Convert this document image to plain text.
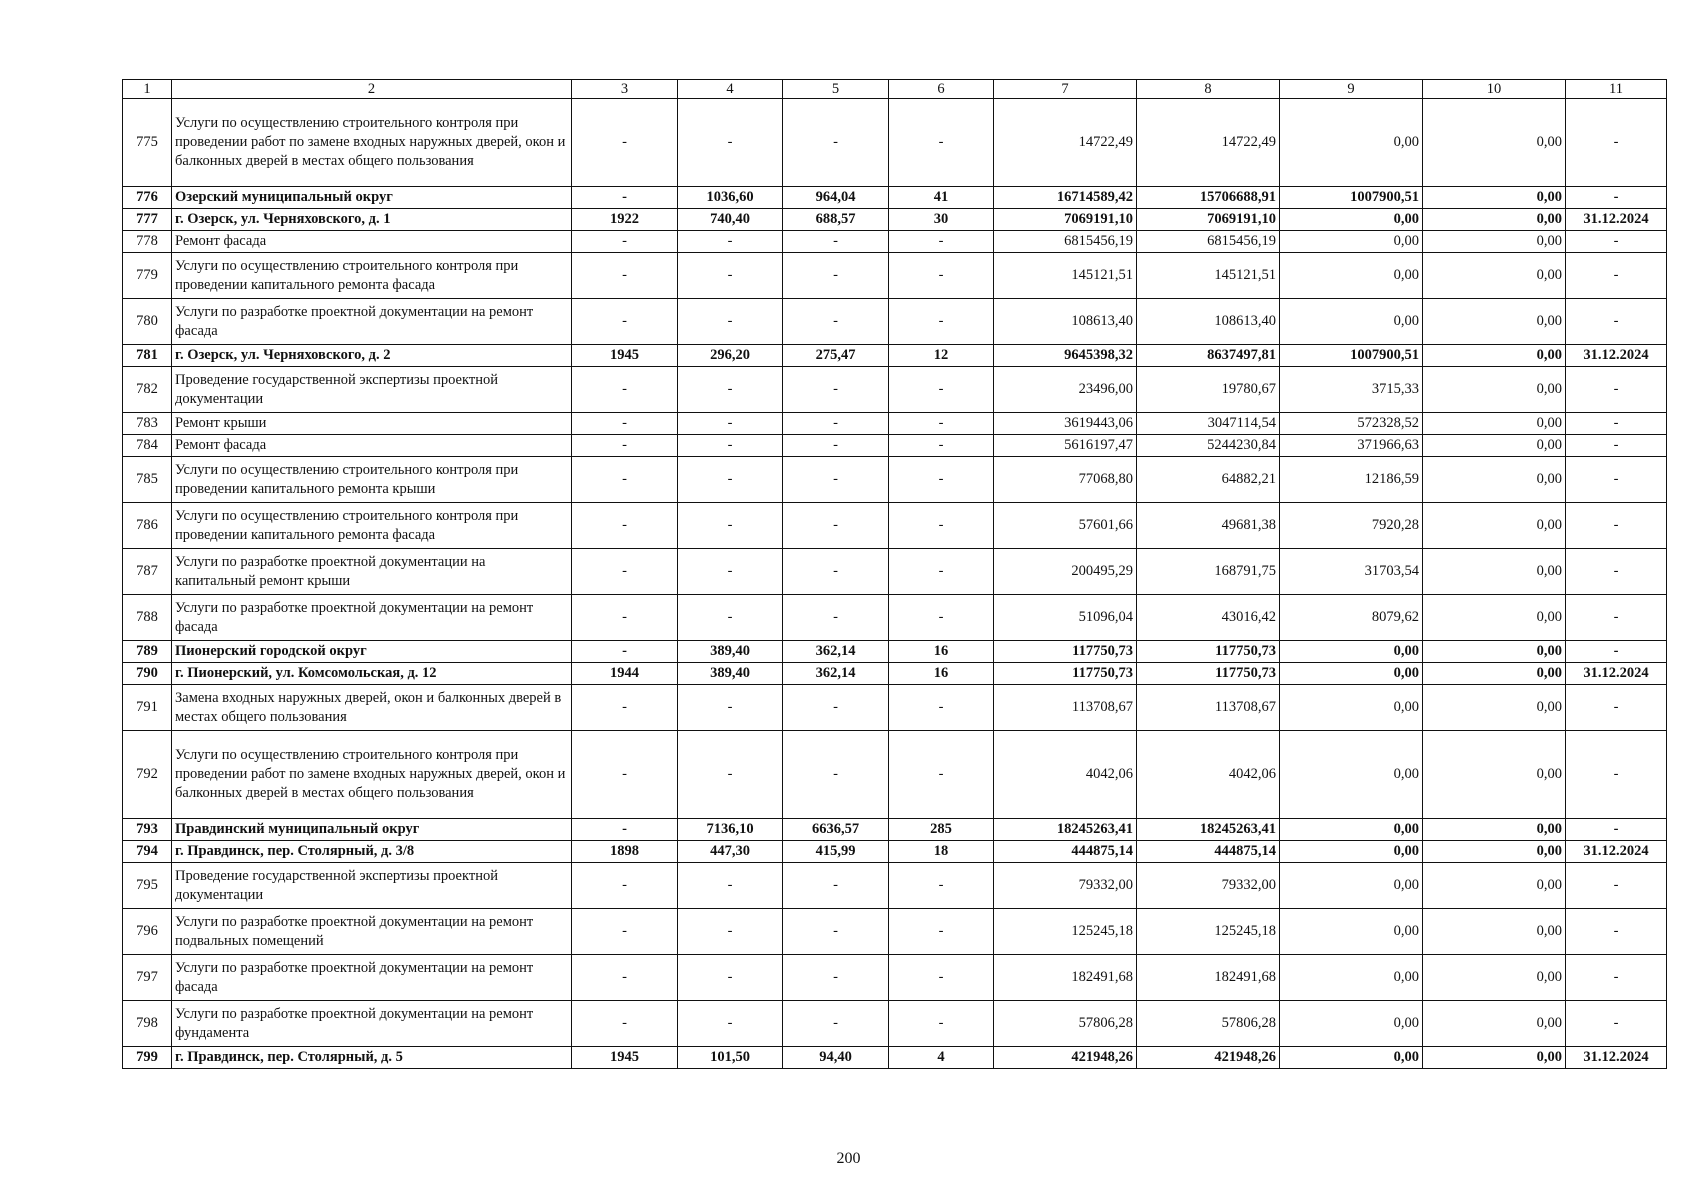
1	2	3	4	5	6	7	8	9	10	11
775	Услуги по осуществлению строительного контроля при проведении работ по замене входных наружных дверей, окон и балконных дверей в местах общего пользования	-	-	-	-	14722,49	14722,49	0,00	0,00	-
776	Озерский муниципальный округ	-	1036,60	964,04	41	16714589,42	15706688,91	1007900,51	0,00	-
777	г. Озерск, ул. Черняховского, д. 1	1922	740,40	688,57	30	7069191,10	7069191,10	0,00	0,00	31.12.2024
778	Ремонт фасада	-	-	-	-	6815456,19	6815456,19	0,00	0,00	-
779	Услуги по осуществлению строительного контроля при проведении капитального ремонта фасада	-	-	-	-	145121,51	145121,51	0,00	0,00	-
780	Услуги по разработке проектной документации на ремонт фасада	-	-	-	-	108613,40	108613,40	0,00	0,00	-
781	г. Озерск, ул. Черняховского, д. 2	1945	296,20	275,47	12	9645398,32	8637497,81	1007900,51	0,00	31.12.2024
782	Проведение государственной экспертизы проектной документации	-	-	-	-	23496,00	19780,67	3715,33	0,00	-
783	Ремонт крыши	-	-	-	-	3619443,06	3047114,54	572328,52	0,00	-
784	Ремонт фасада	-	-	-	-	5616197,47	5244230,84	371966,63	0,00	-
785	Услуги по осуществлению строительного контроля при проведении капитального ремонта крыши	-	-	-	-	77068,80	64882,21	12186,59	0,00	-
786	Услуги по осуществлению строительного контроля при проведении капитального ремонта фасада	-	-	-	-	57601,66	49681,38	7920,28	0,00	-
787	Услуги по разработке проектной документации на капитальный ремонт крыши	-	-	-	-	200495,29	168791,75	31703,54	0,00	-
788	Услуги по разработке проектной документации на ремонт фасада	-	-	-	-	51096,04	43016,42	8079,62	0,00	-
789	Пионерский городской округ	-	389,40	362,14	16	117750,73	117750,73	0,00	0,00	-
790	г. Пионерский, ул. Комсомольская, д. 12	1944	389,40	362,14	16	117750,73	117750,73	0,00	0,00	31.12.2024
791	Замена входных наружных дверей, окон и балконных дверей в местах общего пользования	-	-	-	-	113708,67	113708,67	0,00	0,00	-
792	Услуги по осуществлению строительного контроля при проведении работ по замене входных наружных дверей, окон и балконных дверей в местах общего пользования	-	-	-	-	4042,06	4042,06	0,00	0,00	-
793	Правдинский муниципальный округ	-	7136,10	6636,57	285	18245263,41	18245263,41	0,00	0,00	-
794	г. Правдинск, пер. Столярный, д. 3/8	1898	447,30	415,99	18	444875,14	444875,14	0,00	0,00	31.12.2024
795	Проведение государственной экспертизы проектной документации	-	-	-	-	79332,00	79332,00	0,00	0,00	-
796	Услуги по разработке проектной документации на ремонт подвальных помещений	-	-	-	-	125245,18	125245,18	0,00	0,00	-
797	Услуги по разработке проектной документации на ремонт фасада	-	-	-	-	182491,68	182491,68	0,00	0,00	-
798	Услуги по разработке проектной документации на ремонт фундамента	-	-	-	-	57806,28	57806,28	0,00	0,00	-
799	г. Правдинск, пер. Столярный, д. 5	1945	101,50	94,40	4	421948,26	421948,26	0,00	0,00	31.12.2024
200
